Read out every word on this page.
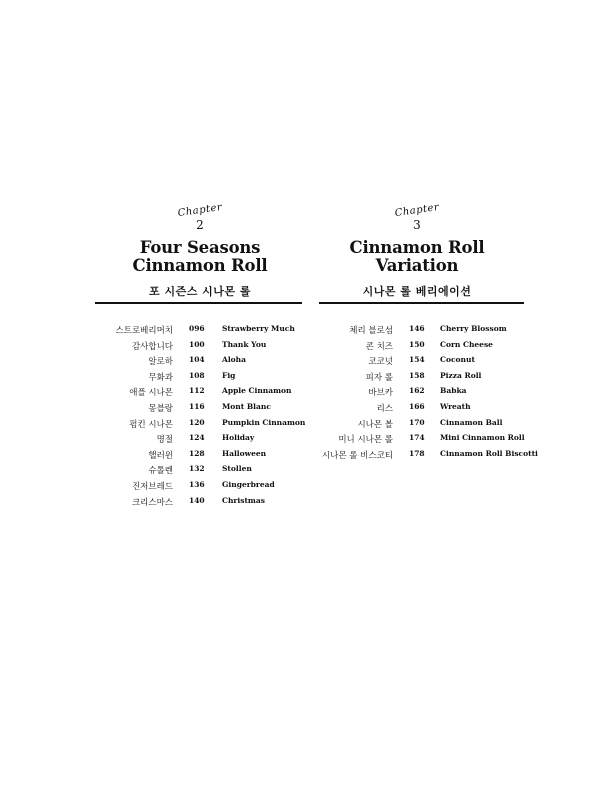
Chapter
2
Four Seasons
Cinnamon Roll
포 시즌스 시나몬 롤
Chapter
3
Cinnamon Roll
Variation
시나몬 롤 베리에이션
스트로베리머치 096 Strawberry Much
감사합니다 100 Thank You
알로하 104 Aloha
무화과 108 Fig
애플 시나몬 112 Apple Cinnamon
몽블랑 116 Mont Blanc
펌킨 시나몬 120 Pumpkin Cinnamon
명절 124 Holiday
핼러윈 128 Halloween
슈톨렌 132 Stollen
진저브레드 136 Gingerbread
크리스마스 140 Christmas
체리 블로섬 146 Cherry Blossom
콘 치즈 150 Corn Cheese
코코넛 154 Coconut
피자 롤 158 Pizza Roll
바브카 162 Babka
리스 166 Wreath
시나몬 볼 170 Cinnamon Ball
미니 시나몬 롤 174 Mini Cinnamon Roll
시나몬 롤 비스코티 178 Cinnamon Roll Biscotti
